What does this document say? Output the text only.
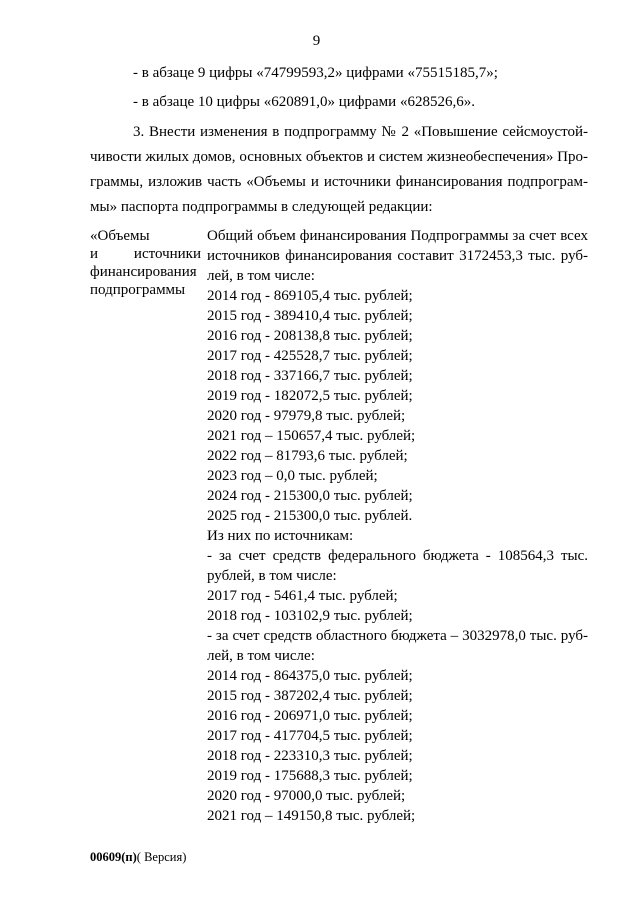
9
- в абзаце 9 цифры «74799593,2» цифрами «75515185,7»;
- в абзаце 10 цифры «620891,0» цифрами «628526,6».
3. Внести изменения в подпрограмму № 2 «Повышение сейсмоустой-
чивости жилых домов, основных объектов и систем жизнеобеспечения» Про-
граммы, изложив часть «Объемы и источники финансирования подпрограм-
мы» паспорта подпрограммы в следующей редакции:
«Объемы
и источники
финансирования
подпрограммы
Общий объем финансирования Подпрограммы за счет всех
источников финансирования составит 3172453,3 тыс. руб-
лей, в том числе:
2014 год - 869105,4 тыс. рублей;
2015 год - 389410,4 тыс. рублей;
2016 год - 208138,8 тыс. рублей;
2017 год - 425528,7 тыс. рублей;
2018 год - 337166,7 тыс. рублей;
2019 год - 182072,5 тыс. рублей;
2020 год - 97979,8 тыс. рублей;
2021 год – 150657,4 тыс. рублей;
2022 год – 81793,6 тыс. рублей;
2023 год – 0,0 тыс. рублей;
2024 год - 215300,0 тыс. рублей;
2025 год - 215300,0 тыс. рублей.
Из них по источникам:
- за счет средств федерального бюджета - 108564,3 тыс.
рублей, в том числе:
2017 год - 5461,4 тыс. рублей;
2018 год - 103102,9 тыс. рублей;
- за счет средств областного бюджета – 3032978,0 тыс. руб-
лей, в том числе:
2014 год - 864375,0 тыс. рублей;
2015 год - 387202,4 тыс. рублей;
2016 год - 206971,0 тыс. рублей;
2017 год - 417704,5 тыс. рублей;
2018 год - 223310,3 тыс. рублей;
2019 год - 175688,3 тыс. рублей;
2020 год - 97000,0 тыс. рублей;
2021 год – 149150,8 тыс. рублей;
00609(п)( Версия)
